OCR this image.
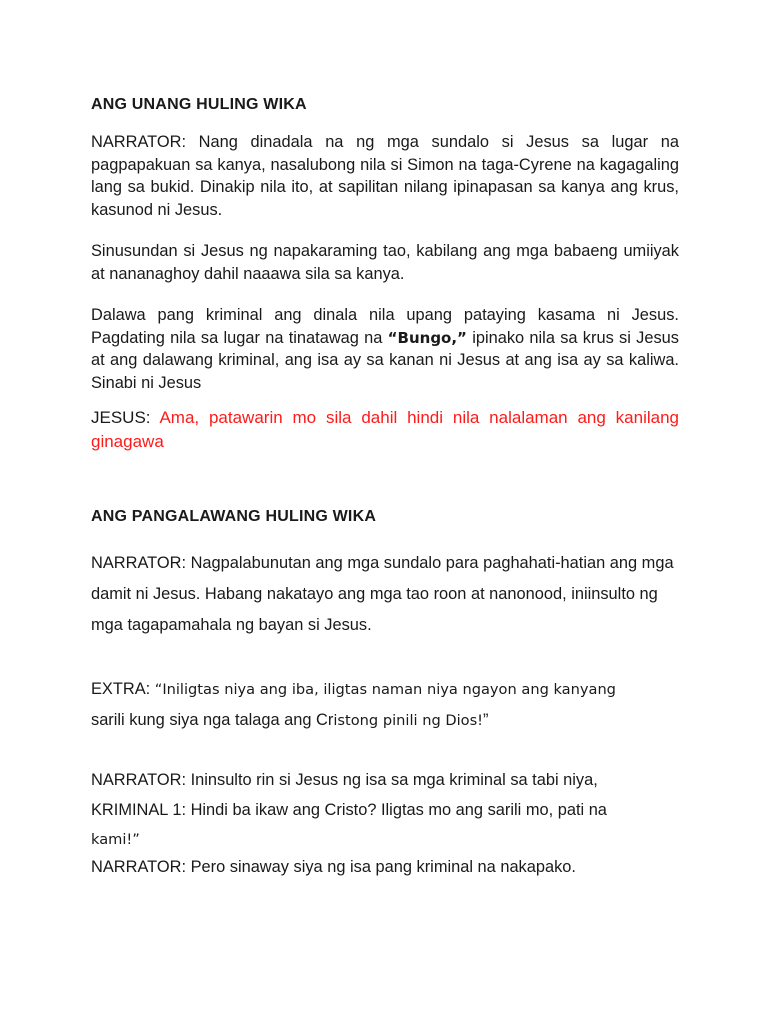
ANG UNANG HULING WIKA

NARRATOR: Nang dinadala na ng mga sundalo si Jesus sa lugar na pagpapakuan sa kanya, nasalubong nila si Simon na taga-Cyrene na kagagaling lang sa bukid. Dinakip nila ito, at sapilitan nilang ipinapasan sa kanya ang krus, kasunod ni Jesus.

Sinusundan si Jesus ng napakaraming tao, kabilang ang mga babaeng umiiyak at nananaghoy dahil naaawa sila sa kanya.

Dalawa pang kriminal ang dinala nila upang pataying kasama ni Jesus. Pagdating nila sa lugar na tinatawag na “Bungo,” ipinako nila sa krus si Jesus at ang dalawang kriminal, ang isa ay sa kanan ni Jesus at ang isa ay sa kaliwa. Sinabi ni Jesus

JESUS: Ama, patawarin mo sila dahil hindi nila nalalaman ang kanilang ginagawa

ANG PANGALAWANG HULING WIKA

NARRATOR: Nagpalabunutan ang mga sundalo para paghahati-hatian ang mga damit ni Jesus. Habang nakatayo ang mga tao roon at nanonood, iniinsulto ng mga tagapamahala ng bayan si Jesus.

EXTRA: “Iniligtas niya ang iba, iligtas naman niya ngayon ang kanyang
sarili kung siya nga talaga ang Cristong pinili ng Dios!”
NARRATOR: Ininsulto rin si Jesus ng isa sa mga kriminal sa tabi niya,
KRIMINAL 1: Hindi ba ikaw ang Cristo? Iligtas mo ang sarili mo, pati na
kami!”
NARRATOR: Pero sinaway siya ng isa pang kriminal na nakapako.
